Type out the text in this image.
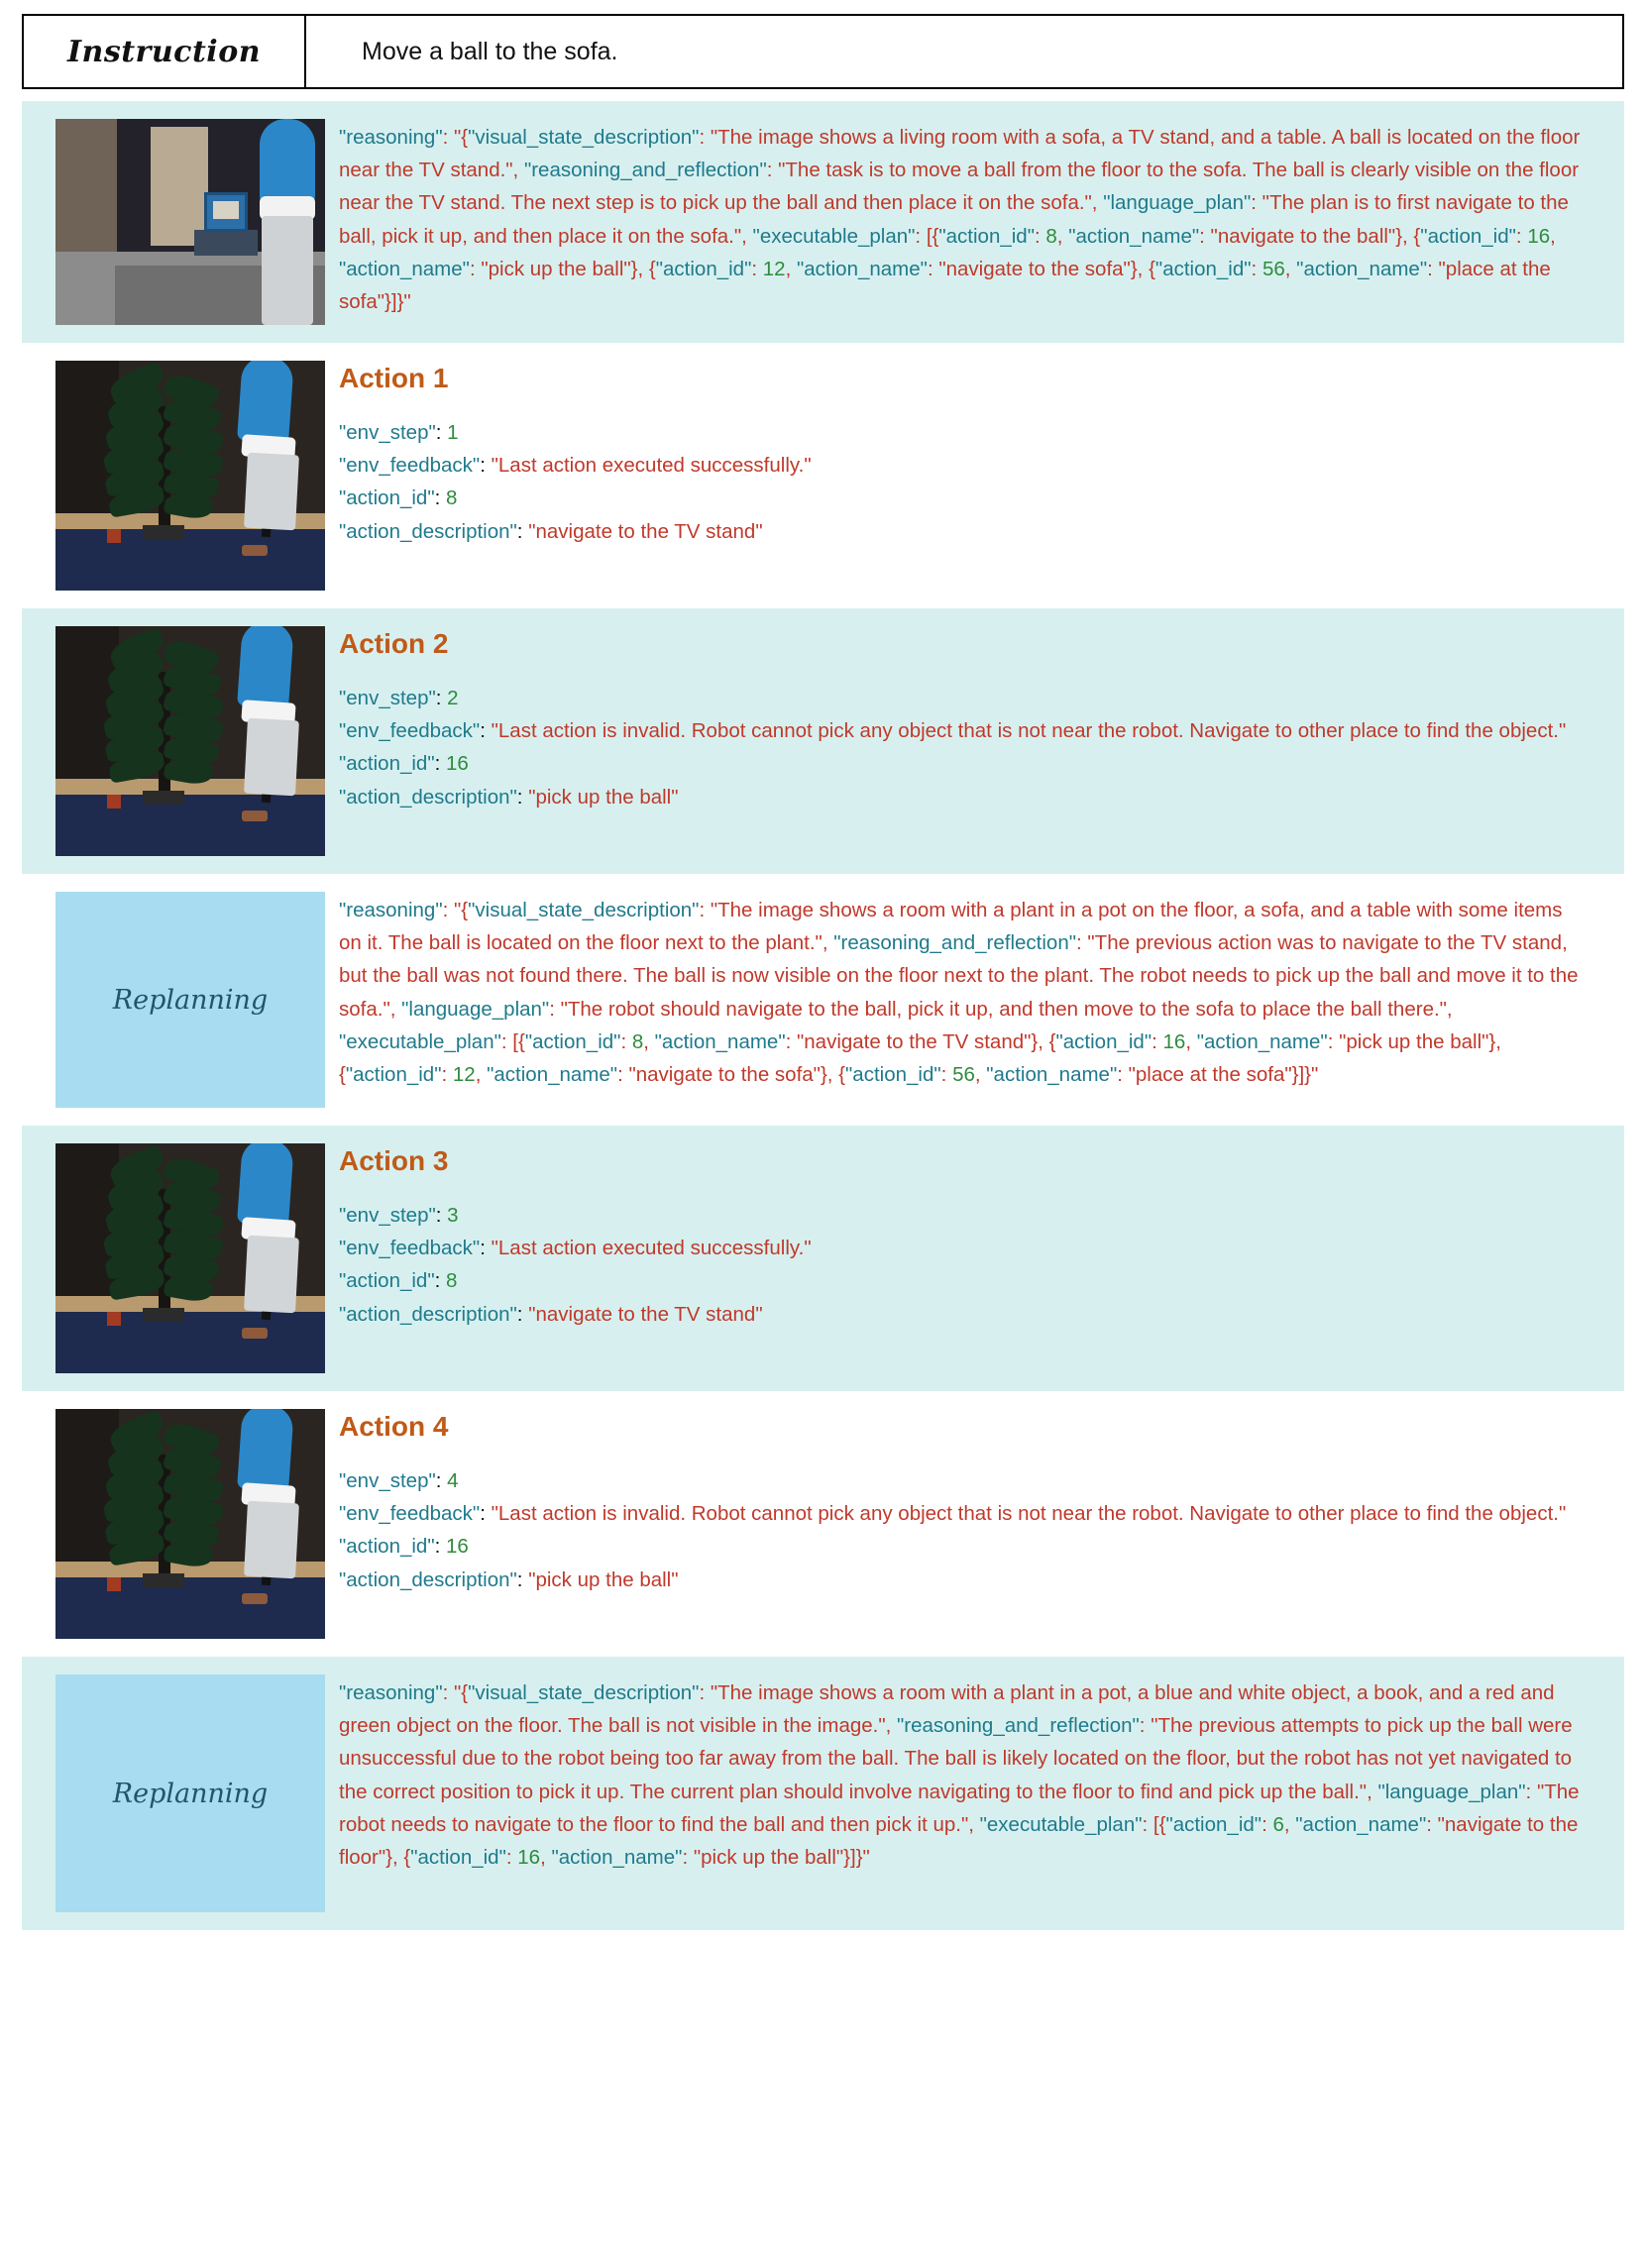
Instruction	Move a ball to the sofa.

"reasoning": "{"visual_state_description": "The image shows a living room with a sofa, a TV stand, and a table. A ball is located on the floor near the TV stand.", "reasoning_and_reflection": "The task is to move a ball from the floor to the sofa. The ball is clearly visible on the floor near the TV stand. The next step is to pick up the ball and then place it on the sofa.", "language_plan": "The plan is to first navigate to the ball, pick it up, and then place it on the sofa.", "executable_plan": [{"action_id": 8, "action_name": "navigate to the ball"}, {"action_id": 16, "action_name": "pick up the ball"}, {"action_id": 12, "action_name": "navigate to the sofa"}, {"action_id": 56, "action_name": "place at the sofa"}]}"

Action 1

"env_step": 1

"env_feedback": "Last action executed successfully."

"action_id": 8

"action_description": "navigate to the TV stand"

Action 2

"env_step": 2

"env_feedback": "Last action is invalid. Robot cannot pick any object that is not near the robot. Navigate to other place to find the object."

"action_id": 16

"action_description": "pick up the ball"

Replanning

"reasoning": "{"visual_state_description": "The image shows a room with a plant in a pot on the floor, a sofa, and a table with some items on it. The ball is located on the floor next to the plant.", "reasoning_and_reflection": "The previous action was to navigate to the TV stand, but the ball was not found there. The ball is now visible on the floor next to the plant. The robot needs to pick up the ball and move it to the sofa.", "language_plan": "The robot should navigate to the ball, pick it up, and then move to the sofa to place the ball there.", "executable_plan": [{"action_id": 8, "action_name": "navigate to the TV stand"}, {"action_id": 16, "action_name": "pick up the ball"}, {"action_id": 12, "action_name": "navigate to the sofa"}, {"action_id": 56, "action_name": "place at the sofa"}]}"

Action 3

"env_step": 3

"env_feedback": "Last action executed successfully."

"action_id": 8

"action_description": "navigate to the TV stand"

Action 4

"env_step": 4

"env_feedback": "Last action is invalid. Robot cannot pick any object that is not near the robot. Navigate to other place to find the object."

"action_id": 16

"action_description": "pick up the ball"

Replanning

"reasoning": "{"visual_state_description": "The image shows a room with a plant in a pot, a blue and white object, a book, and a red and green object on the floor. The ball is not visible in the image.", "reasoning_and_reflection": "The previous attempts to pick up the ball were unsuccessful due to the robot being too far away from the ball. The ball is likely located on the floor, but the robot has not yet navigated to the correct position to pick it up. The current plan should involve navigating to the floor to find and pick up the ball.", "language_plan": "The robot needs to navigate to the floor to find the ball and then pick it up.", "executable_plan": [{"action_id": 6, "action_name": "navigate to the floor"}, {"action_id": 16, "action_name": "pick up the ball"}]}"
